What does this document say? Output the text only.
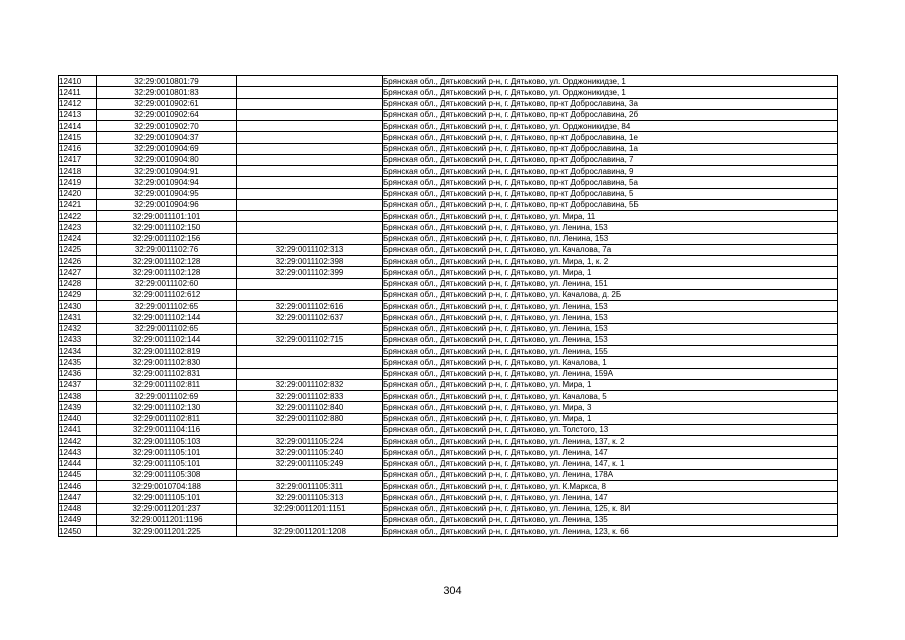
12410	32:29:0010801:79		Брянская обл., Дятьковский р-н, г. Дятьково, ул. Орджоникидзе, 1
12411	32:29:0010801:83		Брянская обл., Дятьковский р-н, г. Дятьково, ул. Орджоникидзе, 1
12412	32:29:0010902:61		Брянская обл., Дятьковский р-н, г. Дятьково, пр-кт Доброславина, 3а
12413	32:29:0010902:64		Брянская обл., Дятьковский р-н, г. Дятьково, пр-кт Доброславина, 2б
12414	32:29:0010902:70		Брянская обл., Дятьковский р-н, г. Дятьково, ул. Орджоникидзе, 84
12415	32:29:0010904:37		Брянская обл., Дятьковский р-н, г. Дятьково, пр-кт Доброславина, 1е
12416	32:29:0010904:69		Брянская обл., Дятьковский р-н, г. Дятьково, пр-кт Доброславина, 1а
12417	32:29:0010904:80		Брянская обл., Дятьковский р-н, г. Дятьково, пр-кт Доброславина, 7
12418	32:29:0010904:91		Брянская обл., Дятьковский р-н, г. Дятьково, пр-кт Доброславина, 9
12419	32:29:0010904:94		Брянская обл., Дятьковский р-н, г. Дятьково, пр-кт Доброславина, 5а
12420	32:29:0010904:95		Брянская обл., Дятьковский р-н, г. Дятьково, пр-кт Доброславина, 5
12421	32:29:0010904:96		Брянская обл., Дятьковский р-н, г. Дятьково, пр-кт Доброславина, 5Б
12422	32:29:0011101:101		Брянская обл., Дятьковский р-н, г. Дятьково, ул. Мира, 11
12423	32:29:0011102:150		Брянская обл., Дятьковский р-н, г. Дятьково, ул. Ленина, 153
12424	32:29:0011102:156		Брянская обл., Дятьковский р-н, г. Дятьково, пл. Ленина, 153
12425	32:29:0011102:76	32:29:0011102:313	Брянская обл., Дятьковский р-н, г. Дятьково, ул. Качалова, 7а
12426	32:29:0011102:128	32:29:0011102:398	Брянская обл., Дятьковский р-н, г. Дятьково, ул. Мира, 1, к. 2
12427	32:29:0011102:128	32:29:0011102:399	Брянская обл., Дятьковский р-н, г. Дятьково, ул. Мира, 1
12428	32:29:0011102:60		Брянская обл., Дятьковский р-н, г. Дятьково, ул. Ленина, 151
12429	32:29:0011102:612		Брянская обл., Дятьковский р-н, г. Дятьково, ул. Качалова, д. 2Б
12430	32:29:0011102:65	32:29:0011102:616	Брянская обл., Дятьковский р-н, г. Дятьково, ул. Ленина, 153
12431	32:29:0011102:144	32:29:0011102:637	Брянская обл., Дятьковский р-н, г. Дятьково, ул. Ленина, 153
12432	32:29:0011102:65		Брянская обл., Дятьковский р-н, г. Дятьково, ул. Ленина, 153
12433	32:29:0011102:144	32:29:0011102:715	Брянская обл., Дятьковский р-н, г. Дятьково, ул. Ленина, 153
12434	32:29:0011102:819		Брянская обл., Дятьковский р-н, г. Дятьково, ул. Ленина, 155
12435	32:29:0011102:830		Брянская обл., Дятьковский р-н, г. Дятьково, ул. Качалова, 1
12436	32:29:0011102:831		Брянская обл., Дятьковский р-н, г. Дятьково, ул. Ленина, 159А
12437	32:29:0011102:811	32:29:0011102:832	Брянская обл., Дятьковский р-н, г. Дятьково, ул. Мира, 1
12438	32:29:0011102:69	32:29:0011102:833	Брянская обл., Дятьковский р-н, г. Дятьково, ул. Качалова, 5
12439	32:29:0011102:130	32:29:0011102:840	Брянская обл., Дятьковский р-н, г. Дятьково, ул. Мира, 3
12440	32:29:0011102:811	32:29:0011102:880	Брянская обл., Дятьковский р-н, г. Дятьково, ул. Мира, 1
12441	32:29:0011104:116		Брянская обл., Дятьковский р-н, г. Дятьково, ул. Толстого, 13
12442	32:29:0011105:103	32:29:0011105:224	Брянская обл., Дятьковский р-н, г. Дятьково, ул. Ленина, 137, к. 2
12443	32:29:0011105:101	32:29:0011105:240	Брянская обл., Дятьковский р-н, г. Дятьково, ул. Ленина, 147
12444	32:29:0011105:101	32:29:0011105:249	Брянская обл., Дятьковский р-н, г. Дятьково, ул. Ленина, 147, к. 1
12445	32:29:0011105:308		Брянская обл., Дятьковский р-н, г. Дятьково, ул. Ленина, 178А
12446	32:29:0010704:188	32:29:0011105:311	Брянская обл., Дятьковский р-н, г. Дятьково, ул. К.Маркса, 8
12447	32:29:0011105:101	32:29:0011105:313	Брянская обл., Дятьковский р-н, г. Дятьково, ул. Ленина, 147
12448	32:29:0011201:237	32:29:0011201:1151	Брянская обл., Дятьковский р-н, г. Дятьково, ул. Ленина, 125, к. 8И
12449	32:29:0011201:1196		Брянская обл., Дятьковский р-н, г. Дятьково, ул. Ленина, 135
12450	32:29:0011201:225	32:29:0011201:1208	Брянская обл., Дятьковский р-н, г. Дятьково, ул. Ленина, 123, к. 66
304
